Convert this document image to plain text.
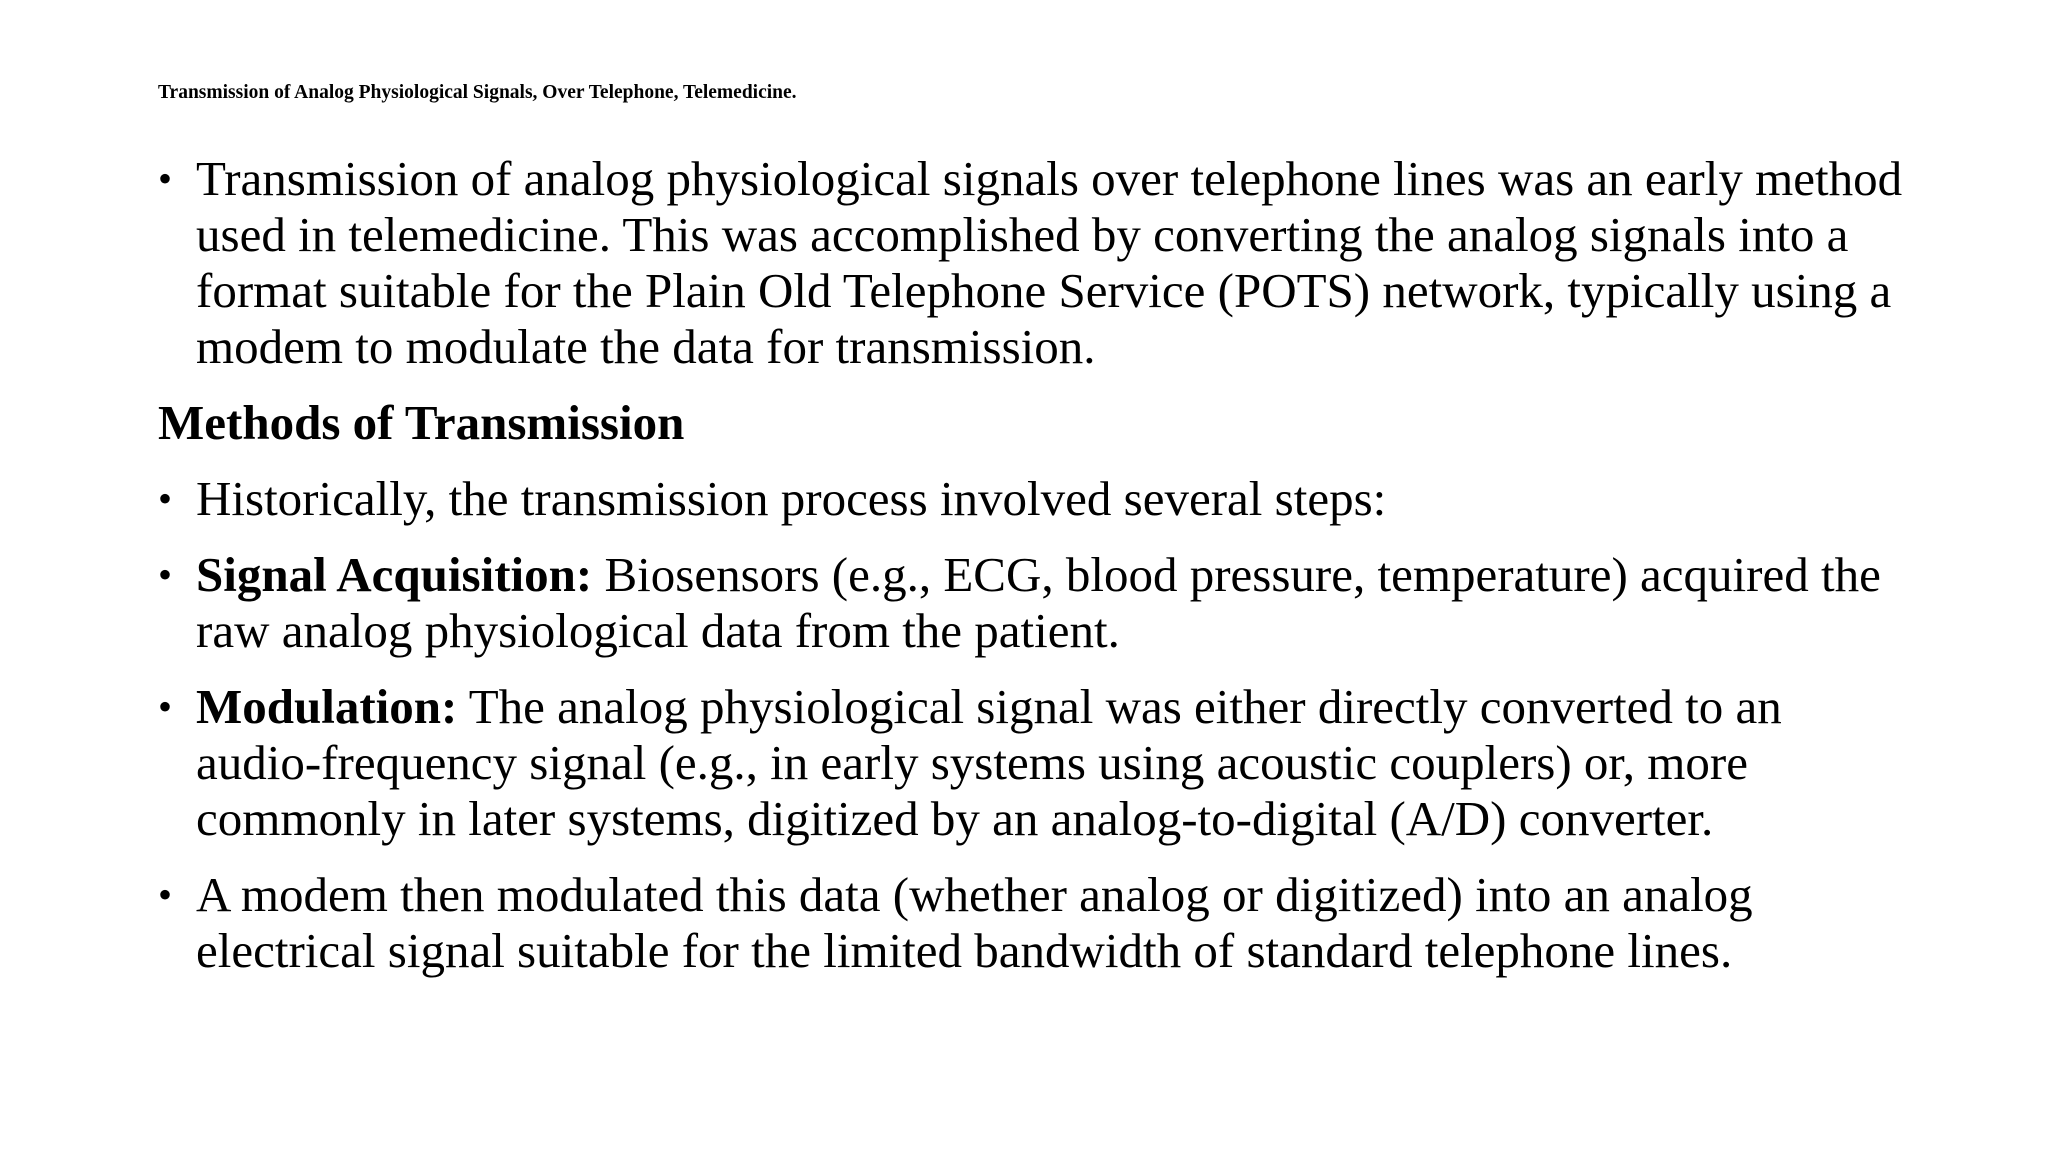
Transmission of Analog Physiological Signals, Over Telephone, Telemedicine.
• Transmission of analog physiological signals over telephone lines was an early method used in telemedicine. This was accomplished by converting the analog signals into a format suitable for the Plain Old Telephone Service (POTS) network, typically using a modem to modulate the data for transmission.
Methods of Transmission
• Historically, the transmission process involved several steps:
• Signal Acquisition: Biosensors (e.g., ECG, blood pressure, temperature) acquired the raw analog physiological data from the patient.
• Modulation: The analog physiological signal was either directly converted to an audio-frequency signal (e.g., in early systems using acoustic couplers) or, more commonly in later systems, digitized by an analog-to-digital (A/D) converter.
• A modem then modulated this data (whether analog or digitized) into an analog electrical signal suitable for the limited bandwidth of standard telephone lines.
